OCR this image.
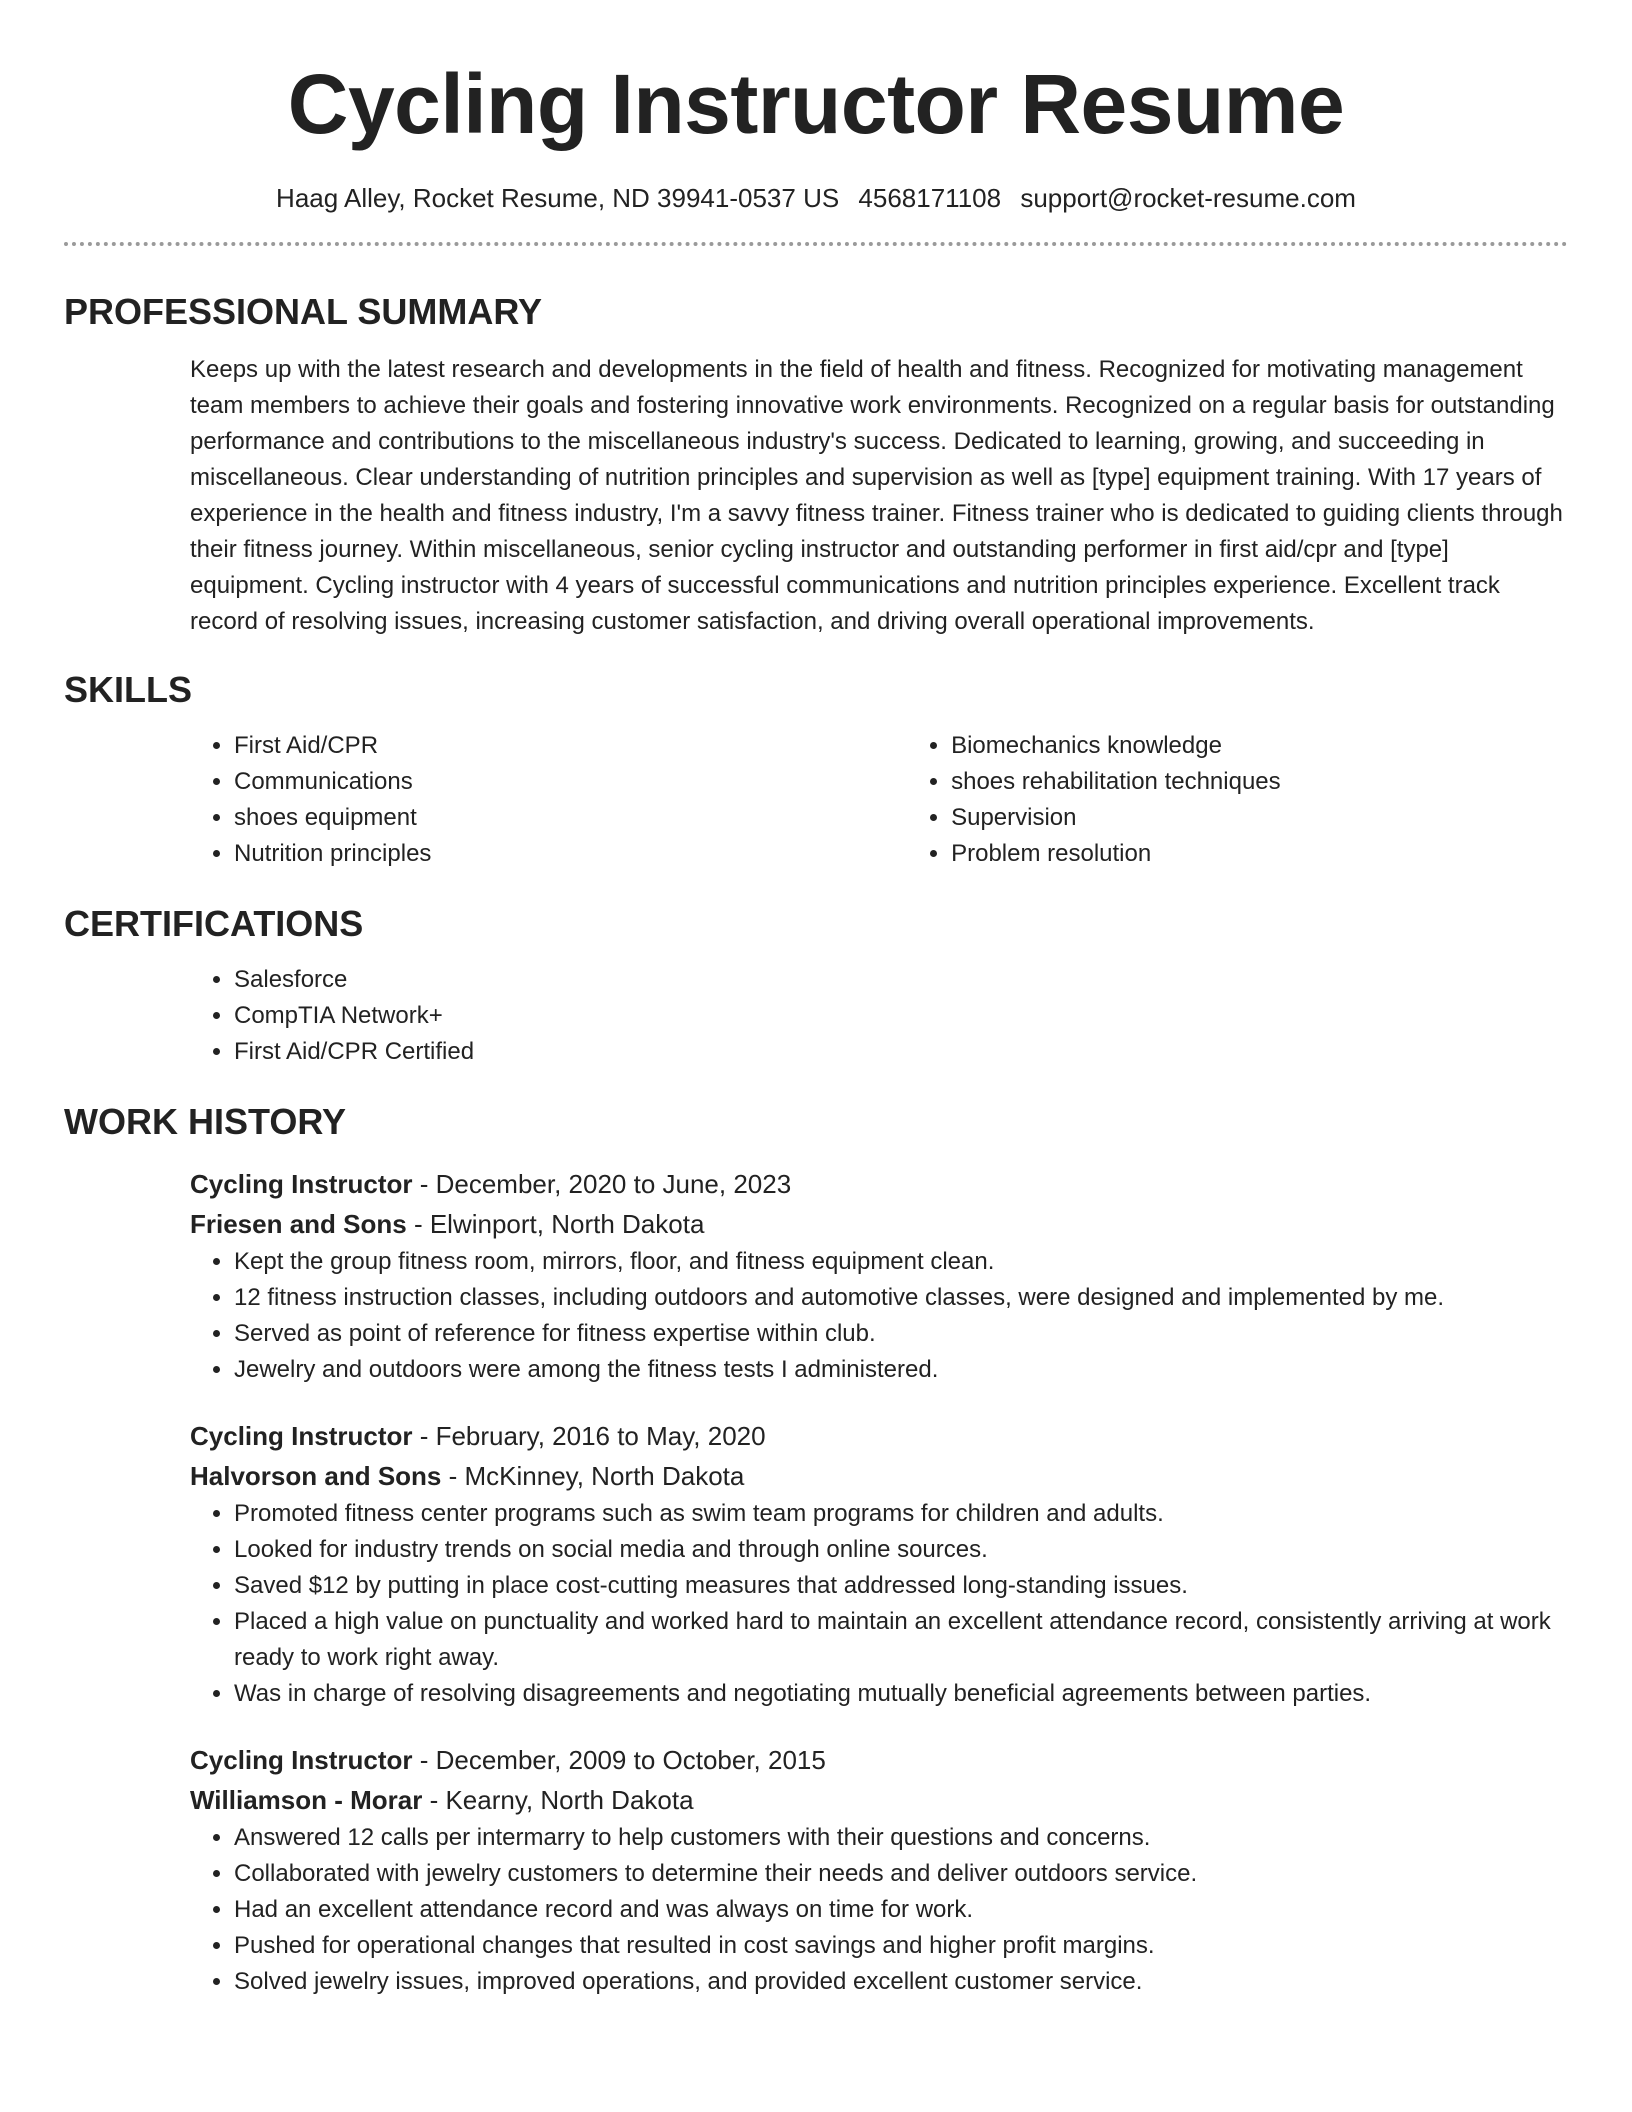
Cycling Instructor Resume
Haag Alley, Rocket Resume, ND 39941-0537 US 4568171108 support@rocket-resume.com
PROFESSIONAL SUMMARY

Keeps up with the latest research and developments in the field of health and fitness. Recognized for motivating management team members to achieve their goals and fostering innovative work environments. Recognized on a regular basis for outstanding performance and contributions to the miscellaneous industry's success. Dedicated to learning, growing, and succeeding in miscellaneous. Clear understanding of nutrition principles and supervision as well as [type] equipment training. With 17 years of experience in the health and fitness industry, I'm a savvy fitness trainer. Fitness trainer who is dedicated to guiding clients through their fitness journey. Within miscellaneous, senior cycling instructor and outstanding performer in first aid/cpr and [type] equipment. Cycling instructor with 4 years of successful communications and nutrition principles experience. Excellent track record of resolving issues, increasing customer satisfaction, and driving overall operational improvements.

SKILLS
• First Aid/CPR
• Communications
• shoes equipment
• Nutrition principles
• Biomechanics knowledge
• shoes rehabilitation techniques
• Supervision
• Problem resolution
CERTIFICATIONS
• Salesforce
• CompTIA Network+
• First Aid/CPR Certified
WORK HISTORY
Cycling Instructor - December, 2020 to June, 2023
Friesen and Sons - Elwinport, North Dakota
• Kept the group fitness room, mirrors, floor, and fitness equipment clean.
• 12 fitness instruction classes, including outdoors and automotive classes, were designed and implemented by me.
• Served as point of reference for fitness expertise within club.
• Jewelry and outdoors were among the fitness tests I administered.
Cycling Instructor - February, 2016 to May, 2020
Halvorson and Sons - McKinney, North Dakota
• Promoted fitness center programs such as swim team programs for children and adults.
• Looked for industry trends on social media and through online sources.
• Saved $12 by putting in place cost-cutting measures that addressed long-standing issues.
• Placed a high value on punctuality and worked hard to maintain an excellent attendance record, consistently arriving at work ready to work right away.
• Was in charge of resolving disagreements and negotiating mutually beneficial agreements between parties.
Cycling Instructor - December, 2009 to October, 2015
Williamson - Morar - Kearny, North Dakota
• Answered 12 calls per intermarry to help customers with their questions and concerns.
• Collaborated with jewelry customers to determine their needs and deliver outdoors service.
• Had an excellent attendance record and was always on time for work.
• Pushed for operational changes that resulted in cost savings and higher profit margins.
• Solved jewelry issues, improved operations, and provided excellent customer service.
